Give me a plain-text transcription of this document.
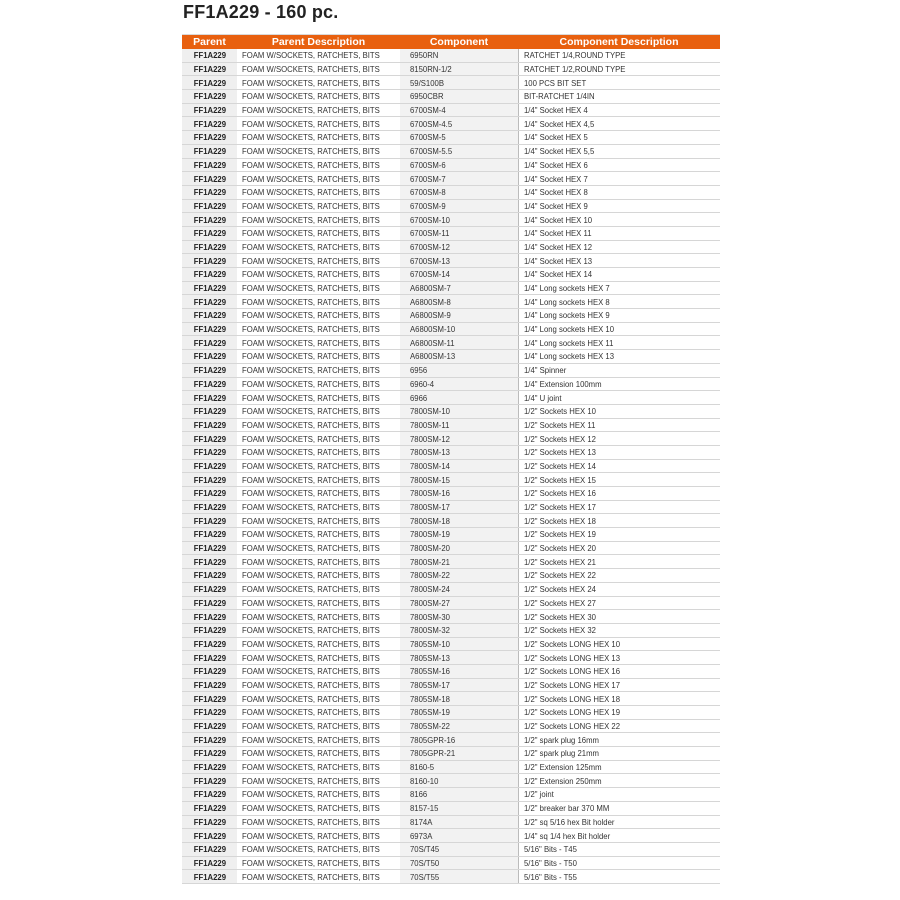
FF1A229 - 160 pc.
Parent	Parent Description	Component	Component Description
FF1A229	FOAM W/SOCKETS, RATCHETS, BITS	6950RN	RATCHET 1/4,ROUND TYPE
FF1A229	FOAM W/SOCKETS, RATCHETS, BITS	8150RN-1/2	RATCHET 1/2,ROUND TYPE
FF1A229	FOAM W/SOCKETS, RATCHETS, BITS	59/S100B	100 PCS BIT SET
FF1A229	FOAM W/SOCKETS, RATCHETS, BITS	6950CBR	BIT-RATCHET 1/4IN
FF1A229	FOAM W/SOCKETS, RATCHETS, BITS	6700SM-4	1/4" Socket HEX 4
FF1A229	FOAM W/SOCKETS, RATCHETS, BITS	6700SM-4.5	1/4" Socket HEX 4,5
FF1A229	FOAM W/SOCKETS, RATCHETS, BITS	6700SM-5	1/4" Socket HEX 5
FF1A229	FOAM W/SOCKETS, RATCHETS, BITS	6700SM-5.5	1/4" Socket HEX 5,5
FF1A229	FOAM W/SOCKETS, RATCHETS, BITS	6700SM-6	1/4" Socket HEX 6
FF1A229	FOAM W/SOCKETS, RATCHETS, BITS	6700SM-7	1/4" Socket HEX 7
FF1A229	FOAM W/SOCKETS, RATCHETS, BITS	6700SM-8	1/4" Socket HEX 8
FF1A229	FOAM W/SOCKETS, RATCHETS, BITS	6700SM-9	1/4" Socket HEX 9
FF1A229	FOAM W/SOCKETS, RATCHETS, BITS	6700SM-10	1/4" Socket HEX 10
FF1A229	FOAM W/SOCKETS, RATCHETS, BITS	6700SM-11	1/4" Socket HEX 11
FF1A229	FOAM W/SOCKETS, RATCHETS, BITS	6700SM-12	1/4" Socket HEX 12
FF1A229	FOAM W/SOCKETS, RATCHETS, BITS	6700SM-13	1/4" Socket HEX 13
FF1A229	FOAM W/SOCKETS, RATCHETS, BITS	6700SM-14	1/4" Socket HEX 14
FF1A229	FOAM W/SOCKETS, RATCHETS, BITS	A6800SM-7	1/4" Long sockets HEX 7
FF1A229	FOAM W/SOCKETS, RATCHETS, BITS	A6800SM-8	1/4" Long sockets HEX 8
FF1A229	FOAM W/SOCKETS, RATCHETS, BITS	A6800SM-9	1/4" Long sockets HEX 9
FF1A229	FOAM W/SOCKETS, RATCHETS, BITS	A6800SM-10	1/4" Long sockets HEX 10
FF1A229	FOAM W/SOCKETS, RATCHETS, BITS	A6800SM-11	1/4" Long sockets HEX 11
FF1A229	FOAM W/SOCKETS, RATCHETS, BITS	A6800SM-13	1/4" Long sockets HEX 13
FF1A229	FOAM W/SOCKETS, RATCHETS, BITS	6956	1/4" Spinner
FF1A229	FOAM W/SOCKETS, RATCHETS, BITS	6960-4	1/4" Extension 100mm
FF1A229	FOAM W/SOCKETS, RATCHETS, BITS	6966	1/4" U joint
FF1A229	FOAM W/SOCKETS, RATCHETS, BITS	7800SM-10	1/2" Sockets HEX 10
FF1A229	FOAM W/SOCKETS, RATCHETS, BITS	7800SM-11	1/2" Sockets HEX 11
FF1A229	FOAM W/SOCKETS, RATCHETS, BITS	7800SM-12	1/2" Sockets HEX 12
FF1A229	FOAM W/SOCKETS, RATCHETS, BITS	7800SM-13	1/2" Sockets HEX 13
FF1A229	FOAM W/SOCKETS, RATCHETS, BITS	7800SM-14	1/2" Sockets HEX 14
FF1A229	FOAM W/SOCKETS, RATCHETS, BITS	7800SM-15	1/2" Sockets HEX 15
FF1A229	FOAM W/SOCKETS, RATCHETS, BITS	7800SM-16	1/2" Sockets HEX 16
FF1A229	FOAM W/SOCKETS, RATCHETS, BITS	7800SM-17	1/2" Sockets HEX 17
FF1A229	FOAM W/SOCKETS, RATCHETS, BITS	7800SM-18	1/2" Sockets HEX 18
FF1A229	FOAM W/SOCKETS, RATCHETS, BITS	7800SM-19	1/2" Sockets HEX 19
FF1A229	FOAM W/SOCKETS, RATCHETS, BITS	7800SM-20	1/2" Sockets HEX 20
FF1A229	FOAM W/SOCKETS, RATCHETS, BITS	7800SM-21	1/2" Sockets HEX 21
FF1A229	FOAM W/SOCKETS, RATCHETS, BITS	7800SM-22	1/2" Sockets HEX 22
FF1A229	FOAM W/SOCKETS, RATCHETS, BITS	7800SM-24	1/2" Sockets HEX 24
FF1A229	FOAM W/SOCKETS, RATCHETS, BITS	7800SM-27	1/2" Sockets HEX 27
FF1A229	FOAM W/SOCKETS, RATCHETS, BITS	7800SM-30	1/2" Sockets HEX 30
FF1A229	FOAM W/SOCKETS, RATCHETS, BITS	7800SM-32	1/2" Sockets HEX 32
FF1A229	FOAM W/SOCKETS, RATCHETS, BITS	7805SM-10	1/2" Sockets LONG HEX 10
FF1A229	FOAM W/SOCKETS, RATCHETS, BITS	7805SM-13	1/2" Sockets LONG HEX 13
FF1A229	FOAM W/SOCKETS, RATCHETS, BITS	7805SM-16	1/2" Sockets LONG HEX 16
FF1A229	FOAM W/SOCKETS, RATCHETS, BITS	7805SM-17	1/2" Sockets LONG HEX 17
FF1A229	FOAM W/SOCKETS, RATCHETS, BITS	7805SM-18	1/2" Sockets LONG HEX 18
FF1A229	FOAM W/SOCKETS, RATCHETS, BITS	7805SM-19	1/2" Sockets LONG HEX 19
FF1A229	FOAM W/SOCKETS, RATCHETS, BITS	7805SM-22	1/2" Sockets LONG HEX 22
FF1A229	FOAM W/SOCKETS, RATCHETS, BITS	7805GPR-16	1/2" spark plug 16mm
FF1A229	FOAM W/SOCKETS, RATCHETS, BITS	7805GPR-21	1/2" spark plug 21mm
FF1A229	FOAM W/SOCKETS, RATCHETS, BITS	8160-5	1/2" Extension 125mm
FF1A229	FOAM W/SOCKETS, RATCHETS, BITS	8160-10	1/2" Extension 250mm
FF1A229	FOAM W/SOCKETS, RATCHETS, BITS	8166	1/2" joint
FF1A229	FOAM W/SOCKETS, RATCHETS, BITS	8157-15	1/2" breaker bar 370 MM
FF1A229	FOAM W/SOCKETS, RATCHETS, BITS	8174A	1/2" sq 5/16 hex Bit holder
FF1A229	FOAM W/SOCKETS, RATCHETS, BITS	6973A	1/4" sq 1/4 hex Bit holder
FF1A229	FOAM W/SOCKETS, RATCHETS, BITS	70S/T45	5/16" Bits - T45
FF1A229	FOAM W/SOCKETS, RATCHETS, BITS	70S/T50	5/16" Bits - T50
FF1A229	FOAM W/SOCKETS, RATCHETS, BITS	70S/T55	5/16" Bits - T55
